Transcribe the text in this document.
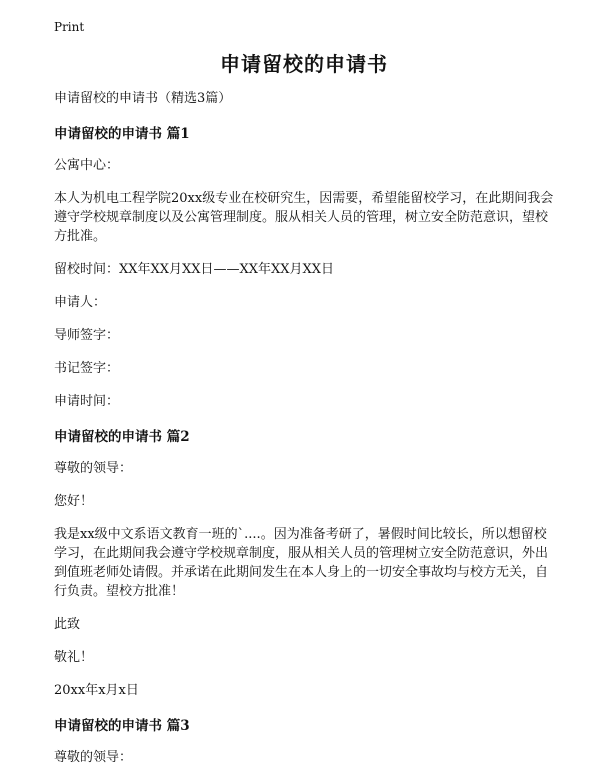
Print
申请留校的申请书

申请留校的申请书（精选3篇）

申请留校的申请书 篇1

公寓中心：

本人为机电工程学院20xx级专业在校研究生，因需要，希望能留校学习，在此期间我会遵守学校规章制度以及公寓管理制度。服从相关人员的管理，树立安全防范意识，望校方批准。

留校时间：XX年XX月XX日——XX年XX月XX日

申请人：

导师签字：

书记签字：

申请时间：

申请留校的申请书 篇2

尊敬的领导：

您好！

我是xx级中文系语文教育一班的`....。因为准备考研了，暑假时间比较长，所以想留校学习，在此期间我会遵守学校规章制度，服从相关人员的管理树立安全防范意识，外出到值班老师处请假。并承诺在此期间发生在本人身上的一切安全事故均与校方无关，自行负责。望校方批准！

此致

敬礼！

20xx年x月x日

申请留校的申请书 篇3

尊敬的领导：
